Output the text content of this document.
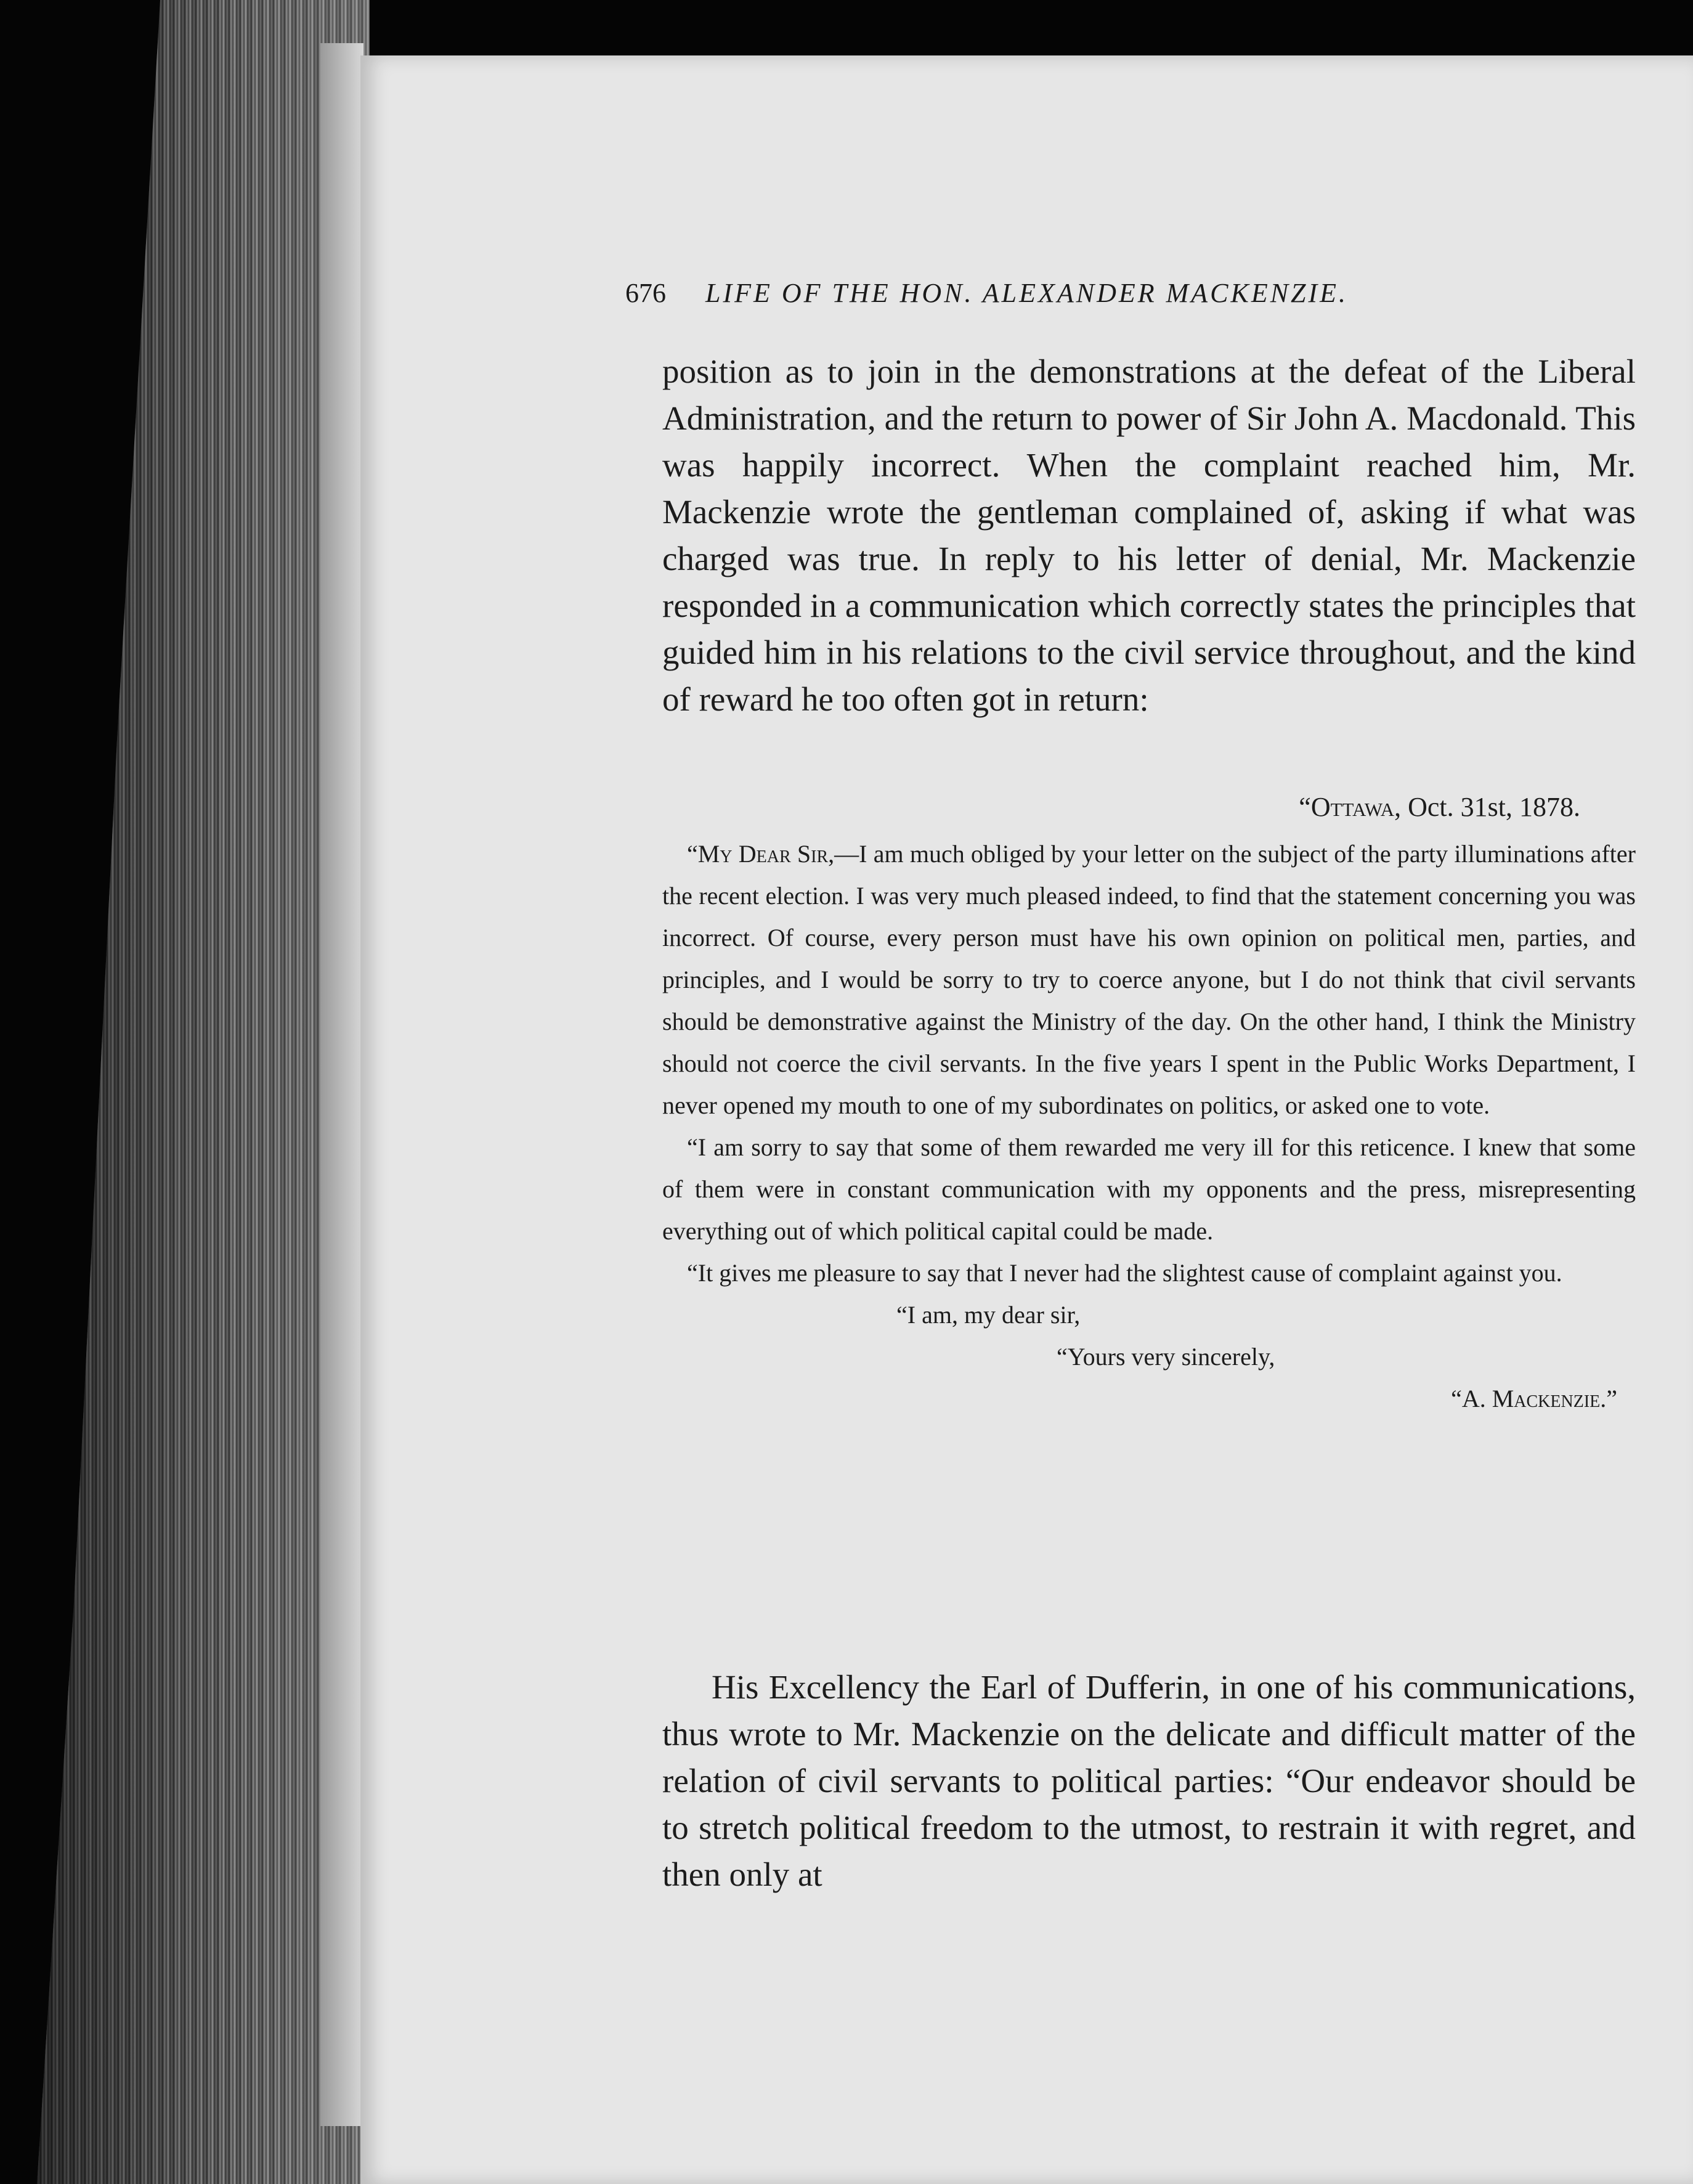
676 LIFE OF THE HON. ALEXANDER MACKENZIE.

position as to join in the demonstrations at the defeat of the Liberal Administration, and the return to power of Sir John A. Macdonald. This was happily incorrect. When the complaint reached him, Mr. Mackenzie wrote the gentleman complained of, asking if what was charged was true. In reply to his letter of denial, Mr. Mackenzie responded in a communication which correctly states the principles that guided him in his relations to the civil service throughout, and the kind of reward he too often got in return:

“Ottawa, Oct. 31st, 1878.

“My Dear Sir,—I am much obliged by your letter on the subject of the party illuminations after the recent election. I was very much pleased indeed, to find that the statement concerning you was incorrect. Of course, every person must have his own opinion on political men, parties, and principles, and I would be sorry to try to coerce anyone, but I do not think that civil servants should be demonstrative against the Ministry of the day. On the other hand, I think the Ministry should not coerce the civil servants. In the five years I spent in the Public Works Department, I never opened my mouth to one of my subordinates on politics, or asked one to vote.

“I am sorry to say that some of them rewarded me very ill for this reticence. I knew that some of them were in constant communication with my opponents and the press, misrepresenting everything out of which political capital could be made.

“It gives me pleasure to say that I never had the slightest cause of complaint against you.

“I am, my dear sir,

“Yours very sincerely,

“A. Mackenzie.”

His Excellency the Earl of Dufferin, in one of his communications, thus wrote to Mr. Mackenzie on the delicate and difficult matter of the relation of civil servants to political parties: “Our endeavor should be to stretch political freedom to the utmost, to restrain it with regret, and then only at
